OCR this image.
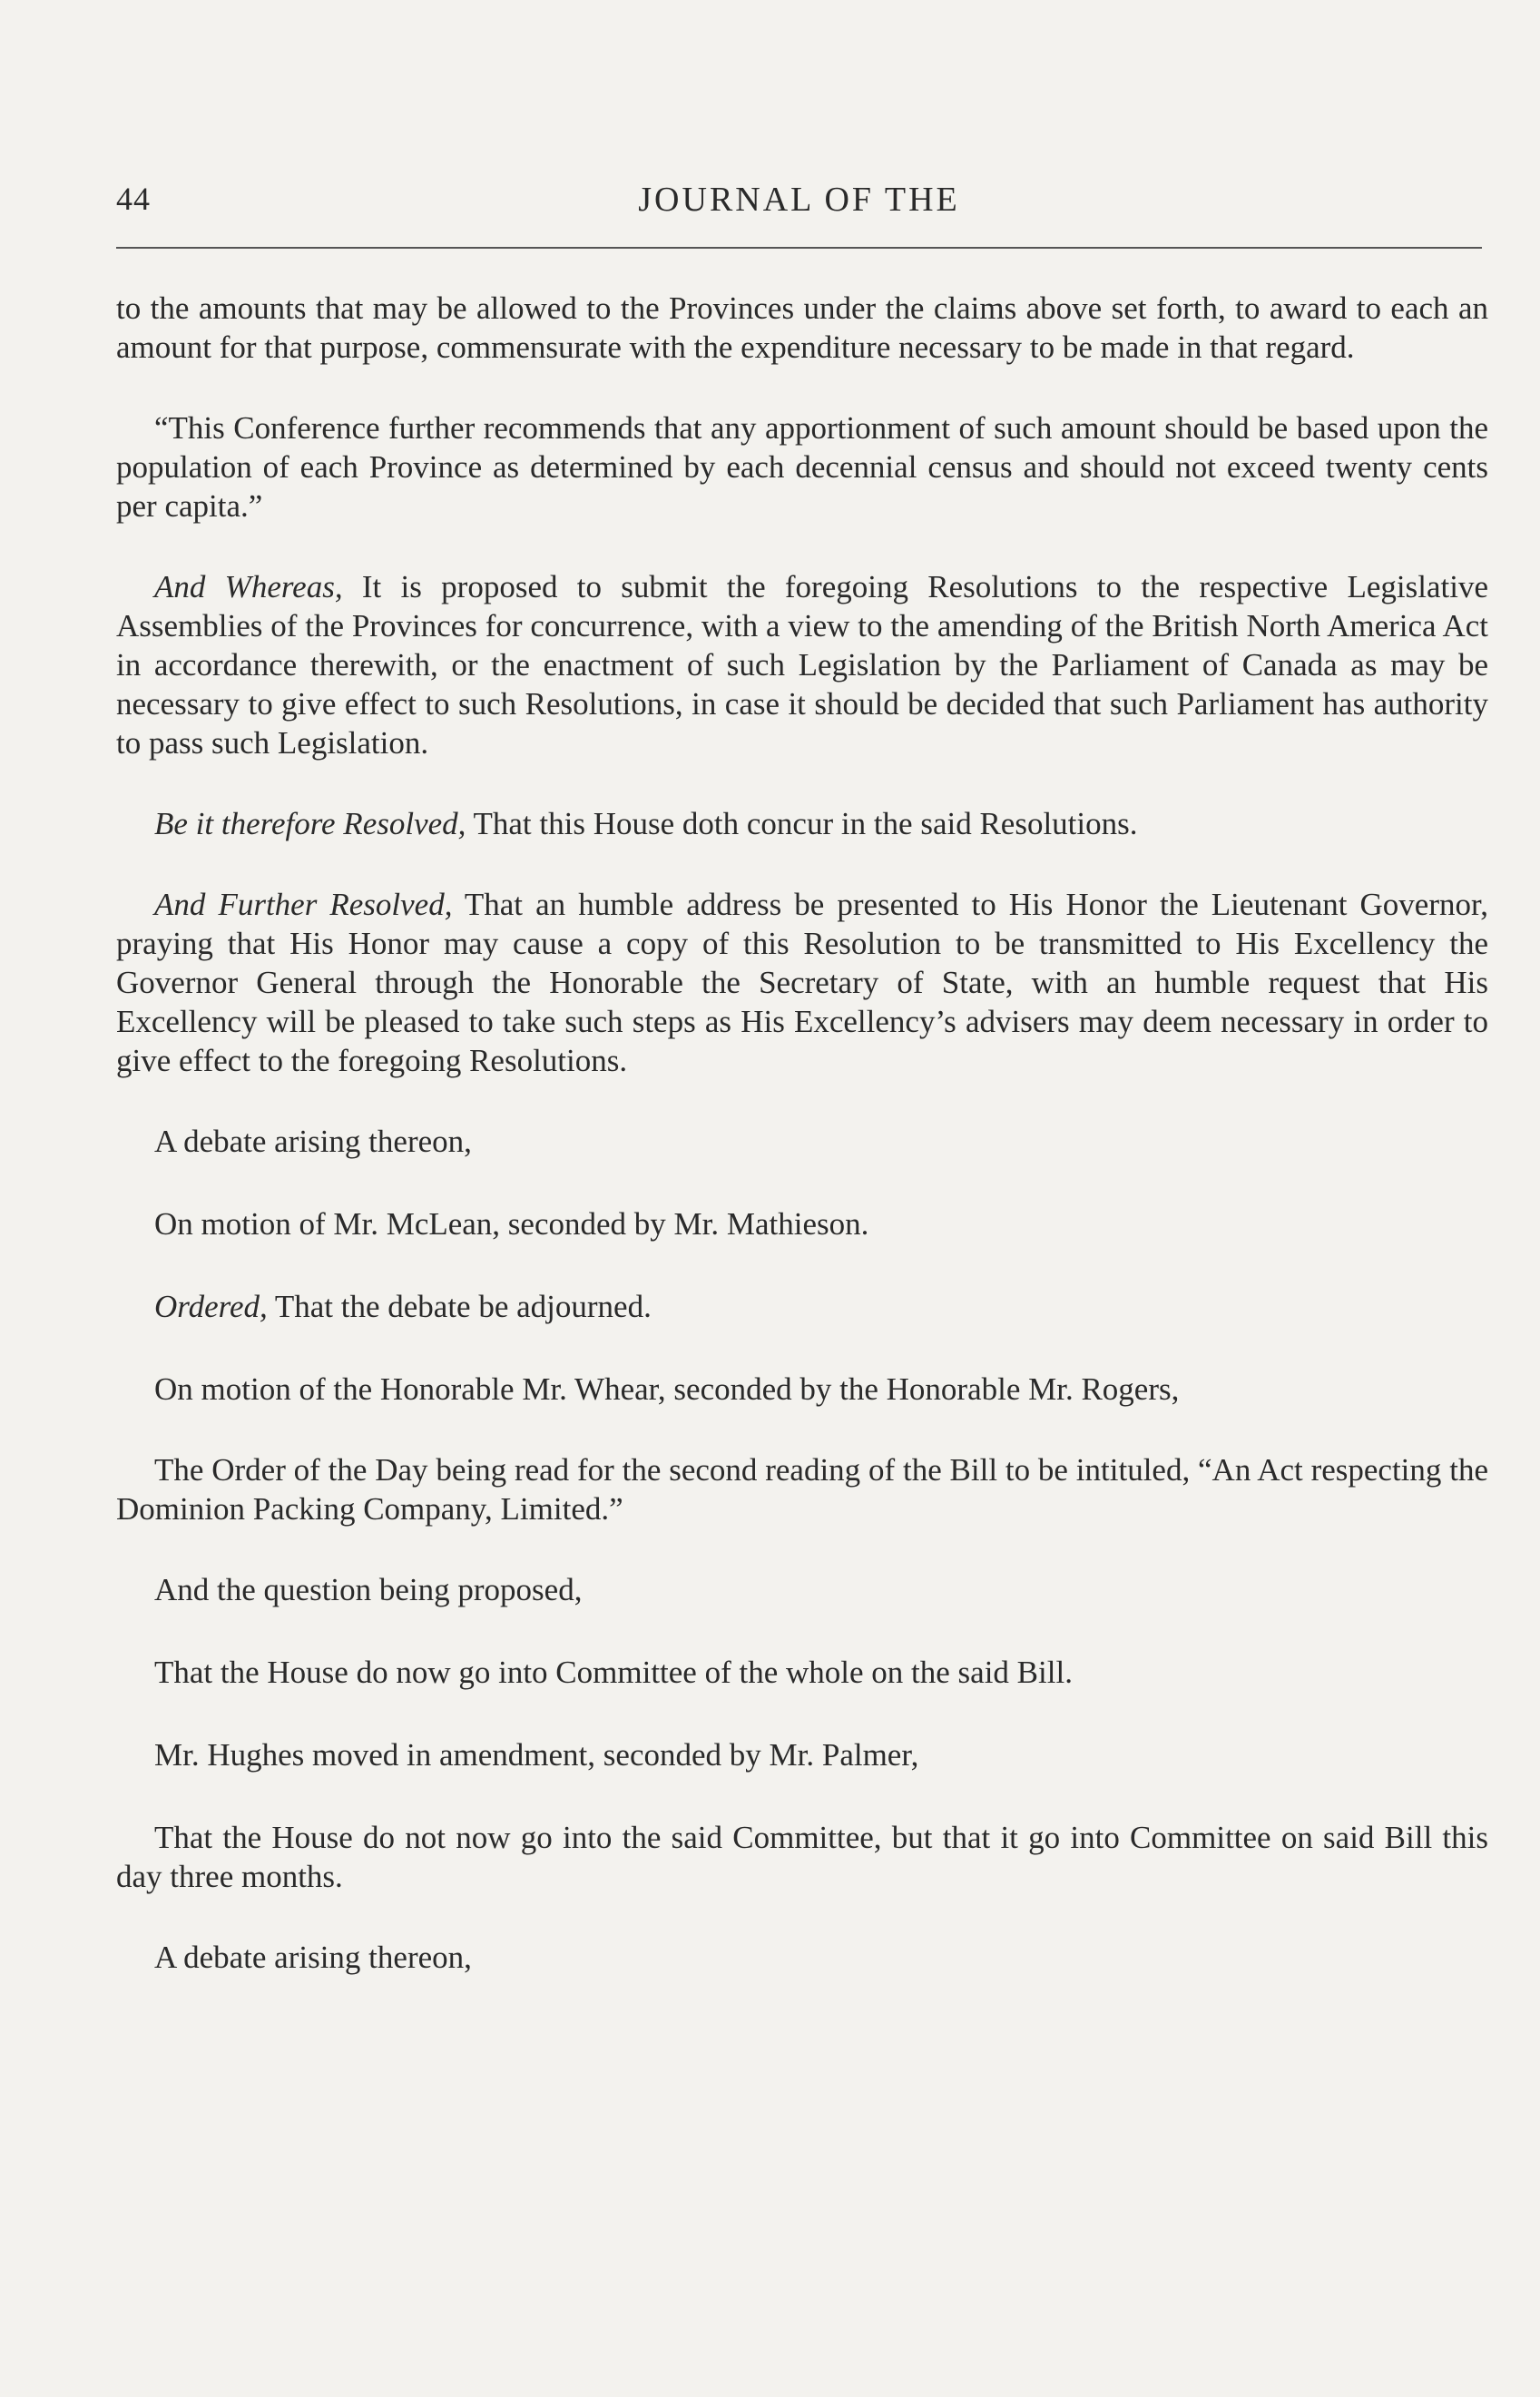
44	JOURNAL OF THE

to the amounts that may be allowed to the Provinces under the claims above set forth, to award to each an amount for that purpose, commensurate with the expenditure necessary to be made in that regard.

“This Conference further recommends that any apportionment of such amount should be based upon the population of each Province as determined by each decennial census and should not exceed twenty cents per capita.”

And Whereas, It is proposed to submit the foregoing Resolutions to the respective Legislative Assemblies of the Provinces for concurrence, with a view to the amending of the British North America Act in accordance therewith, or the enactment of such Legislation by the Parliament of Canada as may be necessary to give effect to such Resolutions, in case it should be decided that such Parliament has authority to pass such Legislation.

Be it therefore Resolved, That this House doth concur in the said Resolutions.

And Further Resolved, That an humble address be presented to His Honor the Lieutenant Governor, praying that His Honor may cause a copy of this Resolution to be transmitted to His Excellency the Governor General through the Honorable the Secretary of State, with an humble request that His Excellency will be pleased to take such steps as His Excellency’s advisers may deem necessary in order to give effect to the foregoing Resolutions.

A debate arising thereon,

On motion of Mr. McLean, seconded by Mr. Mathieson.

Ordered, That the debate be adjourned.

On motion of the Honorable Mr. Whear, seconded by the Honorable Mr. Rogers,

The Order of the Day being read for the second reading of the Bill to be intituled, “An Act respecting the Dominion Packing Company, Limited.”

And the question being proposed,

That the House do now go into Committee of the whole on the said Bill.

Mr. Hughes moved in amendment, seconded by Mr. Palmer,

That the House do not now go into the said Committee, but that it go into Committee on said Bill this day three months.

A debate arising thereon,
